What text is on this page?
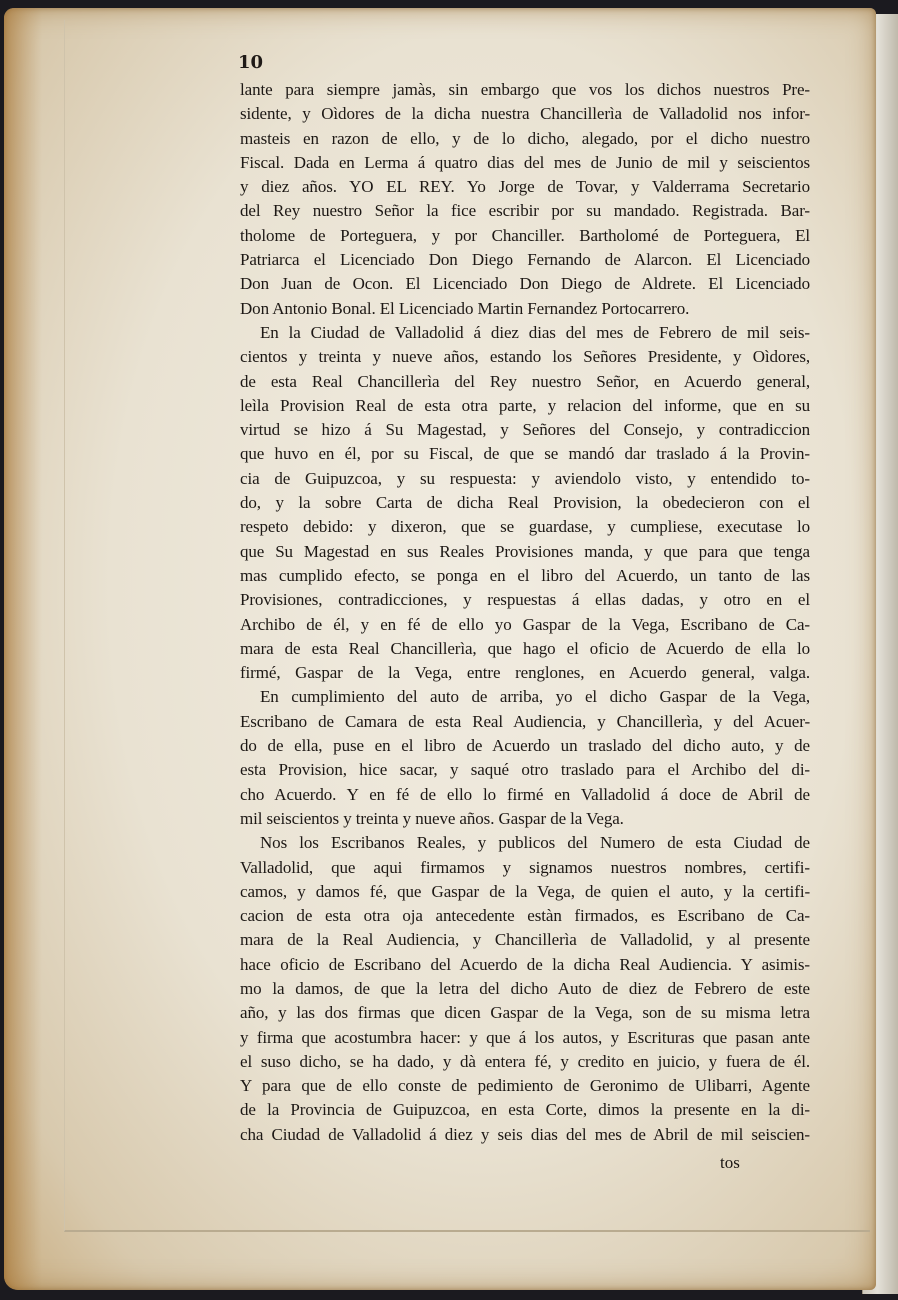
10

lante para siempre jamàs, sin embargo que vos los dichos nuestros Pre-
sidente, y Oìdores de la dicha nuestra Chancillerìa de Valladolid nos infor-
masteis en razon de ello, y de lo dicho, alegado, por el dicho nuestro
Fiscal. Dada en Lerma á quatro dias del mes de Junio de mil y seiscientos
y diez años. YO EL REY. Yo Jorge de Tovar, y Valderrama Secretario
del Rey nuestro Señor la fice escribir por su mandado. Registrada. Bar-
tholome de Porteguera, y por Chanciller. Bartholomé de Porteguera, El
Patriarca el Licenciado Don Diego Fernando de Alarcon. El Licenciado
Don Juan de Ocon. El Licenciado Don Diego de Aldrete. El Licenciado
Don Antonio Bonal. El Licenciado Martin Fernandez Portocarrero.

En la Ciudad de Valladolid á diez dias del mes de Febrero de mil seis-
cientos y treinta y nueve años, estando los Señores Presidente, y Oìdores,
de esta Real Chancillerìa del Rey nuestro Señor, en Acuerdo general,
leìla Provision Real de esta otra parte, y relacion del informe, que en su
virtud se hizo á Su Magestad, y Señores del Consejo, y contradiccion
que huvo en él, por su Fiscal, de que se mandó dar traslado á la Provin-
cia de Guipuzcoa, y su respuesta: y aviendolo visto, y entendido to-
do, y la sobre Carta de dicha Real Provision, la obedecieron con el
respeto debido: y dixeron, que se guardase, y cumpliese, executase lo
que Su Magestad en sus Reales Provisiones manda, y que para que tenga
mas cumplido efecto, se ponga en el libro del Acuerdo, un tanto de las
Provisiones, contradicciones, y respuestas á ellas dadas, y otro en el
Archibo de él, y en fé de ello yo Gaspar de la Vega, Escribano de Ca-
mara de esta Real Chancillerìa, que hago el oficio de Acuerdo de ella lo
firmé, Gaspar de la Vega, entre renglones, en Acuerdo general, valga.

En cumplimiento del auto de arriba, yo el dicho Gaspar de la Vega,
Escribano de Camara de esta Real Audiencia, y Chancillerìa, y del Acuer-
do de ella, puse en el libro de Acuerdo un traslado del dicho auto, y de
esta Provision, hice sacar, y saqué otro traslado para el Archibo del di-
cho Acuerdo. Y en fé de ello lo firmé en Valladolid á doce de Abril de
mil seiscientos y treinta y nueve años. Gaspar de la Vega.

Nos los Escribanos Reales, y publicos del Numero de esta Ciudad de
Valladolid, que aqui firmamos y signamos nuestros nombres, certifi-
camos, y damos fé, que Gaspar de la Vega, de quien el auto, y la certifi-
cacion de esta otra oja antecedente estàn firmados, es Escribano de Ca-
mara de la Real Audiencia, y Chancillerìa de Valladolid, y al presente
hace oficio de Escribano del Acuerdo de la dicha Real Audiencia. Y asimis-
mo la damos, de que la letra del dicho Auto de diez de Febrero de este
año, y las dos firmas que dicen Gaspar de la Vega, son de su misma letra
y firma que acostumbra hacer: y que á los autos, y Escrituras que pasan ante
el suso dicho, se ha dado, y dà entera fé, y credito en juicio, y fuera de él.
Y para que de ello conste de pedimiento de Geronimo de Ulibarri, Agente
de la Provincia de Guipuzcoa, en esta Corte, dimos la presente en la di-
cha Ciudad de Valladolid á diez y seis dias del mes de Abril de mil seiscien-

tos
